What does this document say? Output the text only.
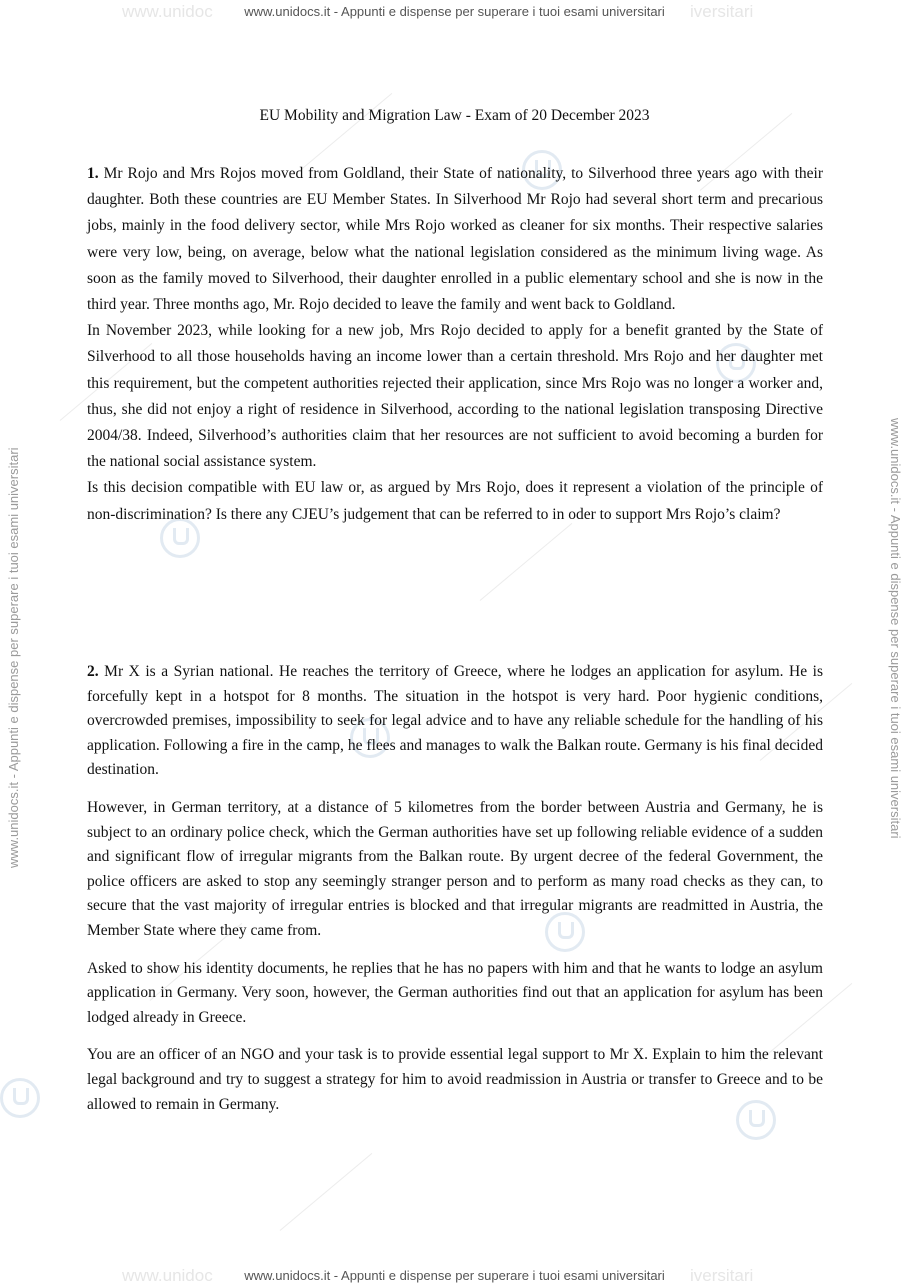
www.unidoc	iversitari
www.unidoc	iversitari
www.unidocs.it - Appunti e dispense per superare i tuoi esami universitari
www.unidocs.it - Appunti e dispense per superare i tuoi esami universitari
www.unidocs.it - Appunti e dispense per superare i tuoi esami universitari	www.unidocs.it - Appunti e dispense per superare i tuoi esami universitari
EU Mobility and Migration Law - Exam of 20 December 2023

1. Mr Rojo and Mrs Rojos moved from Goldland, their State of nationality, to Silverhood three years ago with their daughter. Both these countries are EU Member States. In Silverhood Mr Rojo had several short term and precarious jobs, mainly in the food delivery sector, while Mrs Rojo worked as cleaner for six months. Their respective salaries were very low, being, on average, below what the national legislation considered as the minimum living wage. As soon as the family moved to Silverhood, their daughter enrolled in a public elementary school and she is now in the third year. Three months ago, Mr. Rojo decided to leave the family and went back to Goldland.

In November 2023, while looking for a new job, Mrs Rojo decided to apply for a benefit granted by the State of Silverhood to all those households having an income lower than a certain threshold. Mrs Rojo and her daughter met this requirement, but the competent authorities rejected their application, since Mrs Rojo was no longer a worker and, thus, she did not enjoy a right of residence in Silverhood, according to the national legislation transposing Directive 2004/38. Indeed, Silverhood’s authorities claim that her resources are not sufficient to avoid becoming a burden for the national social assistance system.

Is this decision compatible with EU law or, as argued by Mrs Rojo, does it represent a violation of the principle of non-discrimination? Is there any CJEU’s judgement that can be referred to in oder to support Mrs Rojo’s claim?

2. Mr X is a Syrian national. He reaches the territory of Greece, where he lodges an application for asylum. He is forcefully kept in a hotspot for 8 months. The situation in the hotspot is very hard. Poor hygienic conditions, overcrowded premises, impossibility to seek for legal advice and to have any reliable schedule for the handling of his application. Following a fire in the camp, he flees and manages to walk the Balkan route. Germany is his final decided destination.

However, in German territory, at a distance of 5 kilometres from the border between Austria and Germany, he is subject to an ordinary police check, which the German authorities have set up following reliable evidence of a sudden and significant flow of irregular migrants from the Balkan route. By urgent decree of the federal Government, the police officers are asked to stop any seemingly stranger person and to perform as many road checks as they can, to secure that the vast majority of irregular entries is blocked and that irregular migrants are readmitted in Austria, the Member State where they came from.

Asked to show his identity documents, he replies that he has no papers with him and that he wants to lodge an asylum application in Germany. Very soon, however, the German authorities find out that an application for asylum has been lodged already in Greece.

You are an officer of an NGO and your task is to provide essential legal support to Mr X. Explain to him the relevant legal background and try to suggest a strategy for him to avoid readmission in Austria or transfer to Greece and to be allowed to remain in Germany.
